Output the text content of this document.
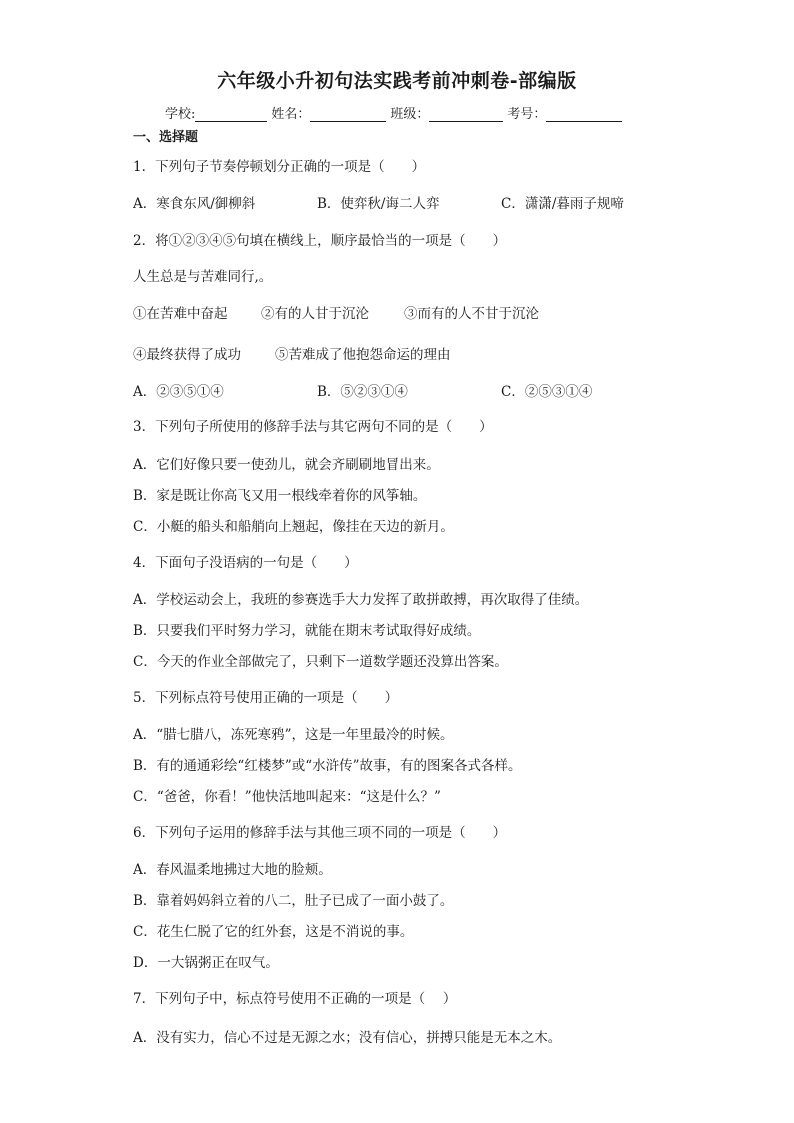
六年级小升初句法实践考前冲刺卷-部编版
学校:	姓名：	班级：	考号：
一、选择题
1．下列句子节奏停顿划分正确的一项是（　　）
A．寒食东风/御柳斜	B．使弈秋/诲二人弈	C．潇潇/暮雨子规啼
2．将①②③④⑤句填在横线上，顺序最恰当的一项是（　　）
人生总是与苦难同行,。
①在苦难中奋起 ②有的人甘于沉沦	③而有的人不甘于沉沦
④最终获得了成功	⑤苦难成了他抱怨命运的理由
A．②③⑤①④	B．⑤②③①④	C．②⑤③①④
3．下列句子所使用的修辞手法与其它两句不同的是（　　）
A．它们好像只要一使劲儿，就会齐刷刷地冒出来。
B．家是既让你高飞又用一根线牵着你的风筝轴。
C．小艇的船头和船艄向上翘起，像挂在天边的新月。
4．下面句子没语病的一句是（　　）
A．学校运动会上，我班的参赛选手大力发挥了敢拼敢搏，再次取得了佳绩。
B．只要我们平时努力学习，就能在期末考试取得好成绩。
C．今天的作业全部做完了，只剩下一道数学题还没算出答案。
5．下列标点符号使用正确的一项是（　　）
A．“腊七腊八，冻死寒鸦”，这是一年里最冷的时候。
B．有的通通彩绘“红楼梦”或“水浒传”故事，有的图案各式各样。
C．“爸爸，你看！”他快活地叫起来：“这是什么？”
6．下列句子运用的修辞手法与其他三项不同的一项是（　　）
A．春风温柔地拂过大地的脸颊。
B．靠着妈妈斜立着的八二，肚子已成了一面小鼓了。
C．花生仁脱了它的红外套，这是不消说的事。
D．一大锅粥正在叹气。
7．下列句子中，标点符号使用不正确的一项是（　 ）
A．没有实力，信心不过是无源之水；没有信心，拼搏只能是无本之木。
